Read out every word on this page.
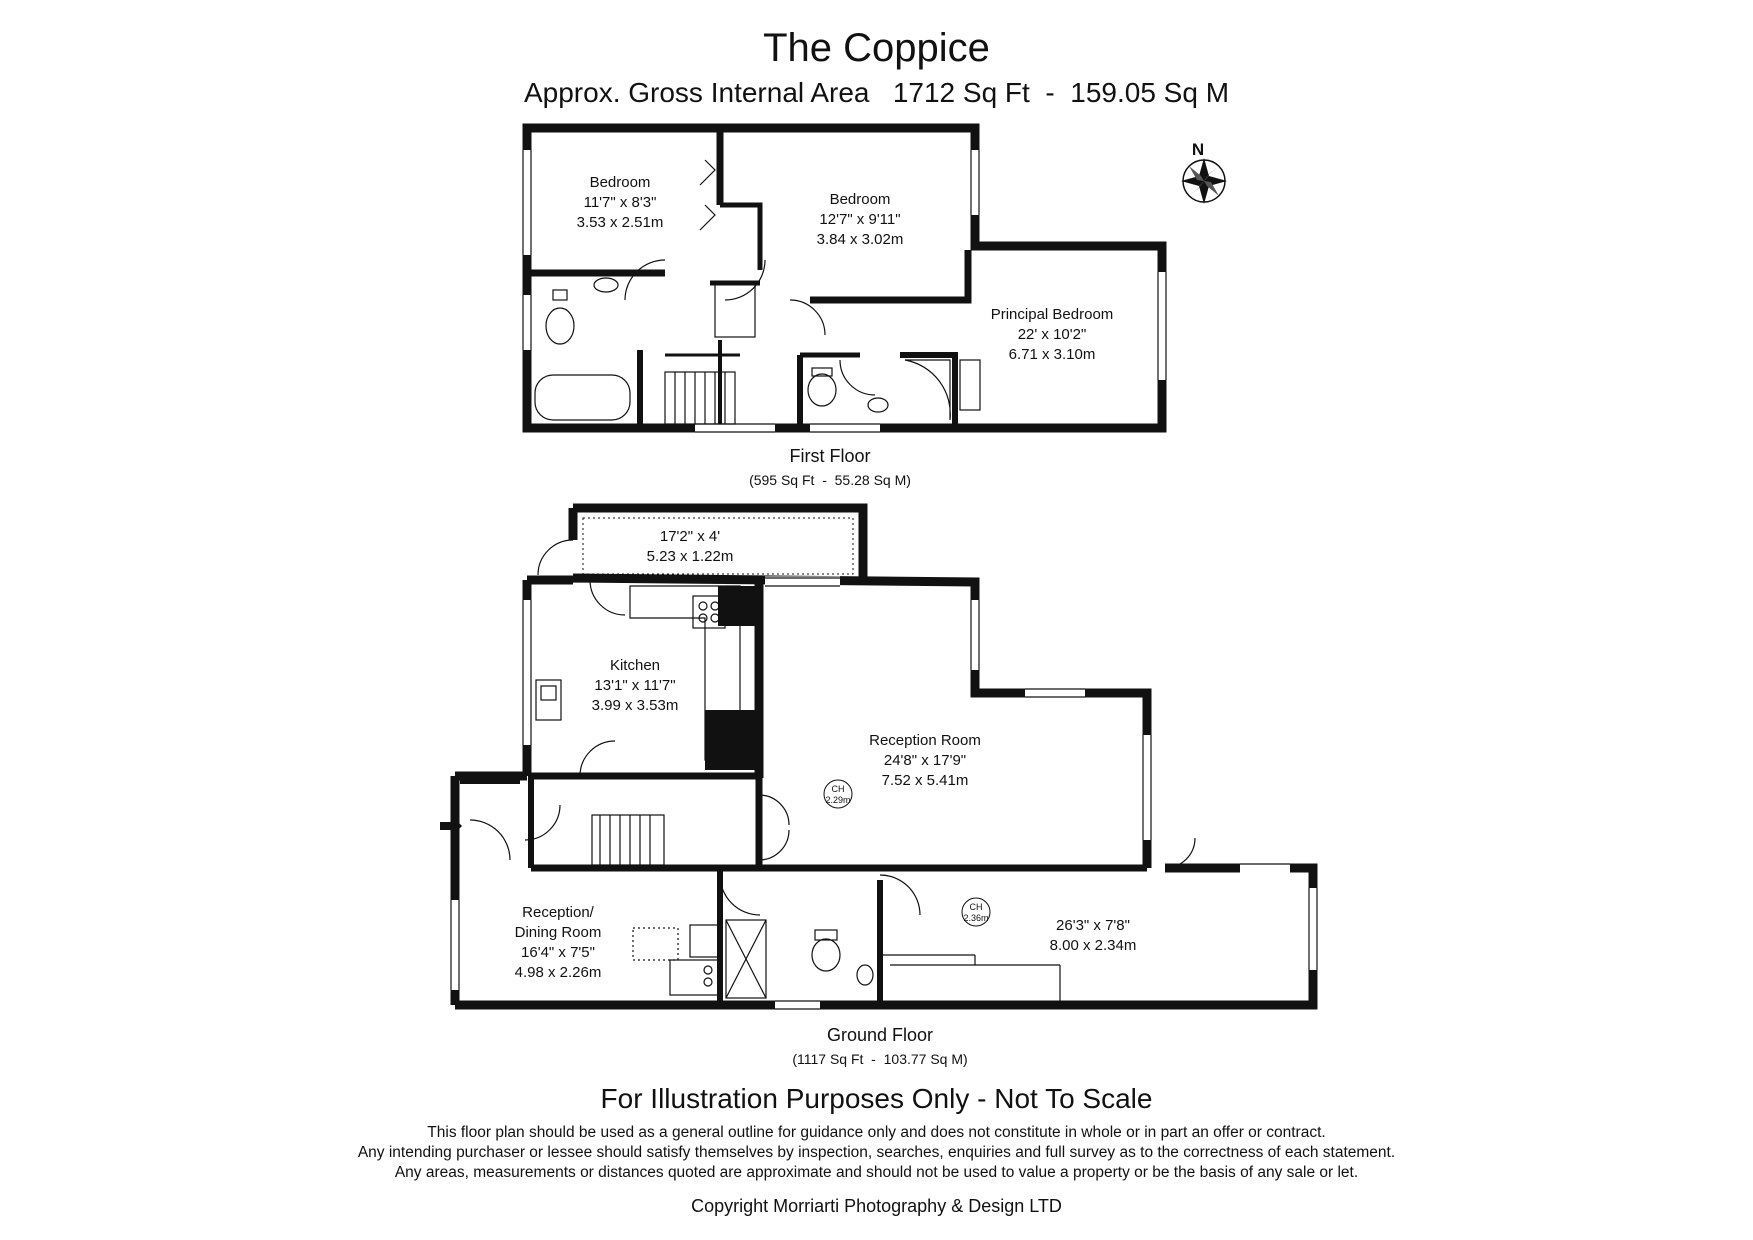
The Coppice
Approx. Gross Internal Area   1712 Sq Ft  -  159.05 Sq M
N
Bedroom
11'7" x 8'3"
3.53 x 2.51m
Bedroom
12'7" x 9'11"
3.84 x 3.02m
Principal Bedroom
22' x 10'2"
6.71 x 3.10m
CH
2.29m
CH
2.36m
17'2" x 4'
5.23 x 1.22m
Kitchen
13'1" x 11'7"
3.99 x 3.53m
Reception Room
24'8" x 17'9"
7.52 x 5.41m
Reception/
Dining Room
16'4" x 7'5"
4.98 x 2.26m
26'3" x 7'8"
8.00 x 2.34m
First Floor
(595 Sq Ft  -  55.28 Sq M)
Ground Floor
(1117 Sq Ft  -  103.77 Sq M)
For Illustration Purposes Only - Not To Scale
This floor plan should be used as a general outline for guidance only and does not constitute in whole or in part an offer or contract.
Any intending purchaser or lessee should satisfy themselves by inspection, searches, enquiries and full survey as to the correctness of each statement.
Any areas, measurements or distances quoted are approximate and should not be used to value a property or be the basis of any sale or let.
Copyright Morriarti Photography & Design LTD
